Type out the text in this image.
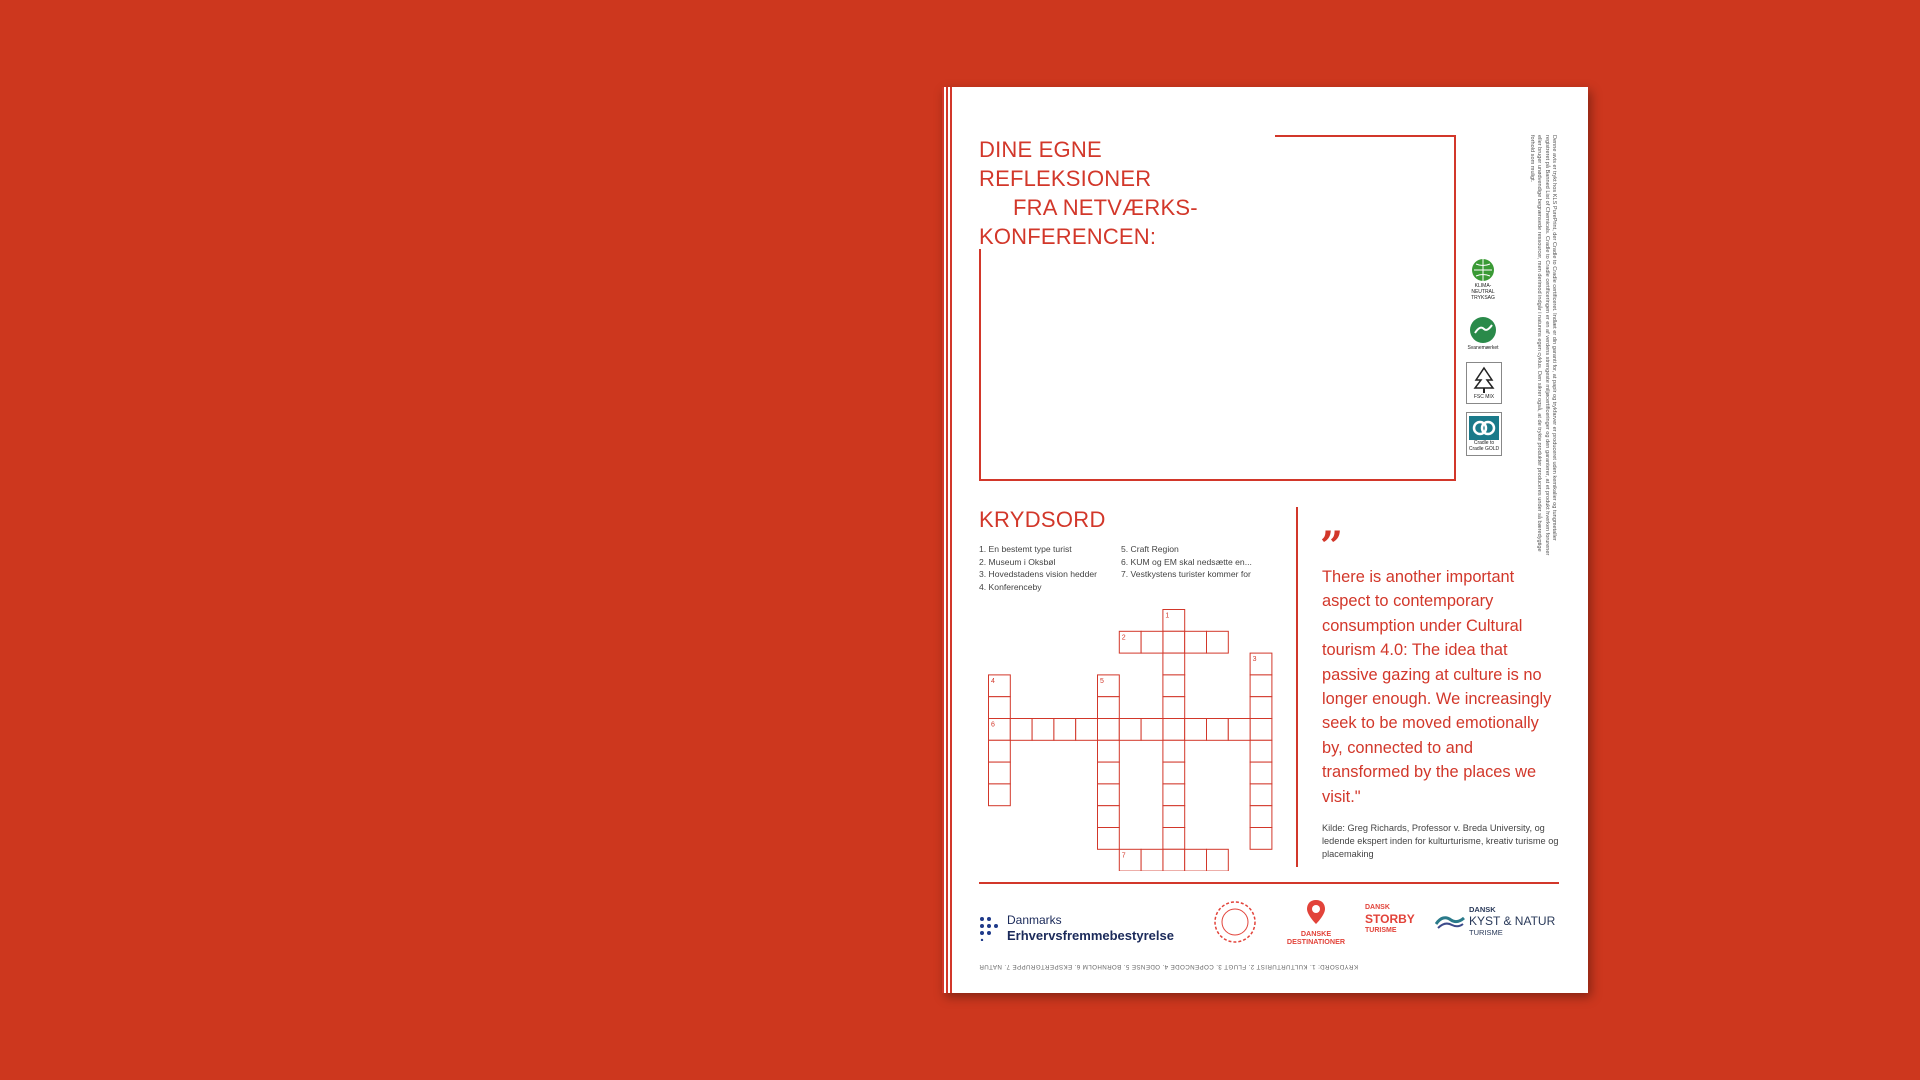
DINE EGNE REFLEKSIONER
FRA NETVÆRKS-
KONFERENCEN:	Denne avis er trykt hos KLS PurePrint, der Cradle to Cradle certificeret. Indlæt er din garanti for, at papir og trykfarver er produceret uden kemikalier og tungmetaller registreret på Banned List of Chemicals. Cradle to Cradle certificeringen er en af verdens strengeste miljøcertificeringer og den garanterer, at et produkt hverken forurener eller bruger unødvendige begrænsede ressourcer, men derimod indgår i naturens egen cyklus. Den sikrer også, at de trykte produkter produceres under så bæredygtige forhold som muligt.
KLIMA-NEUTRAL TRYKSAG
Svanemærket
FSC MIX
Cradle to Cradle GOLD
KRYDSORD
1. En bestemt type turist
2. Museum i Oksbøl
3. Hovedstadens vision hedder
4. Konferenceby
5. Craft Region
6. KUM og EM skal nedsætte en...
7. Vestkystens turister kommer for
1
2
3
4	5
6
7
”
There is another important aspect to contemporary consumption under Cultural tourism 4.0: The idea that passive gazing at culture is no longer enough. We increasingly seek to be moved emotionally by, connected to and transformed by the places we visit."
Kilde: Greg Richards, Professor v. Breda University, og ledende ekspert inden for kulturturisme, kreativ turisme og placemaking
Danmarks
Erhvervsfremmebestyrelse	DANSKE DESTINATIONER
DANSK
STORBY
TURISME
DANSK
KYST & NATUR
TURISME
KRYDSORD: 1. KULTURTURIST 2. FLUGT 3. COPENCODE 4. ODENSE 5. BORNHOLM 6. EKSPERTGRUPPE 7. NATUR
